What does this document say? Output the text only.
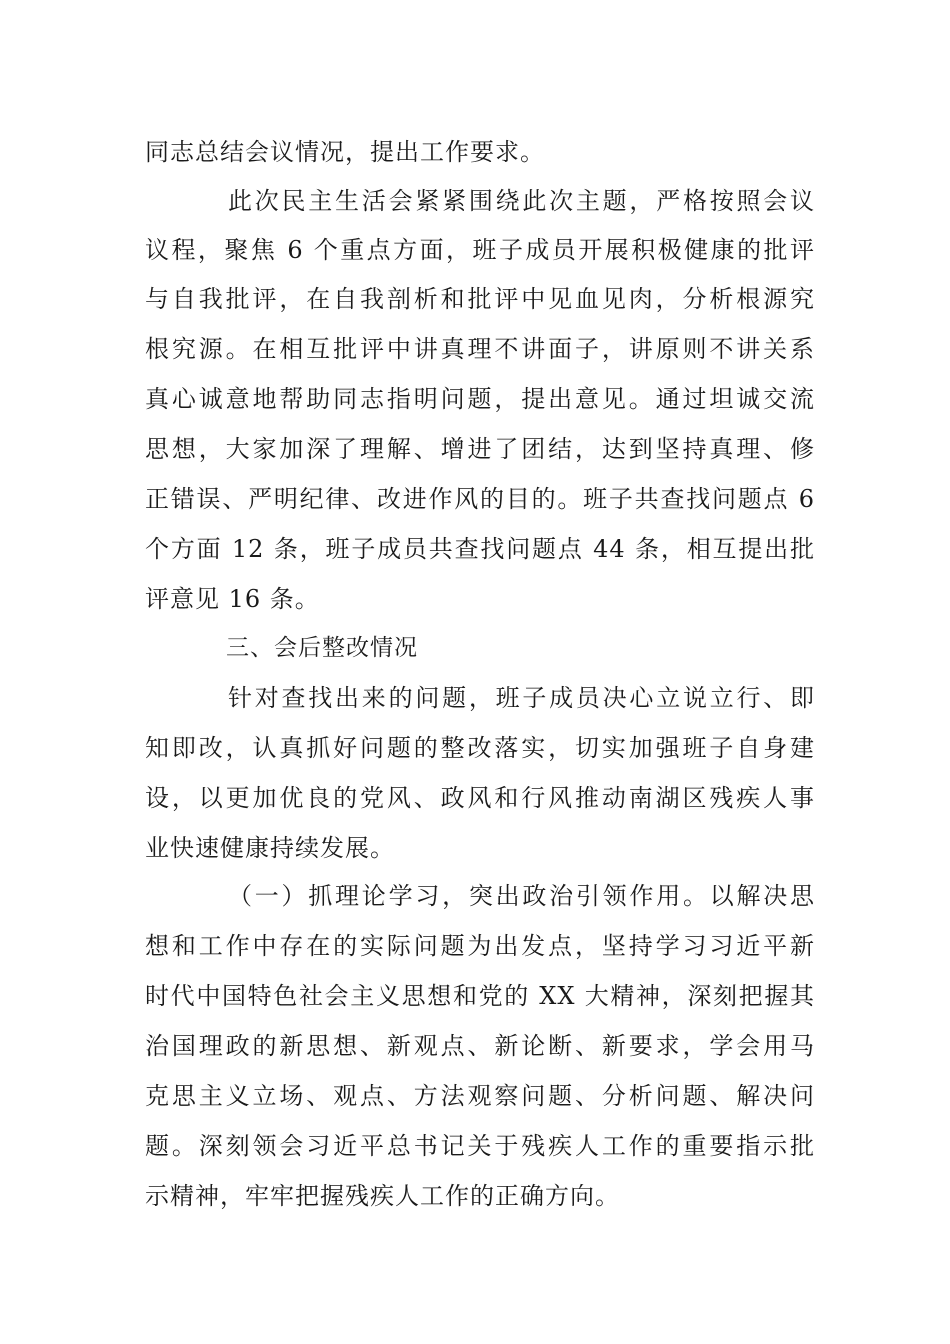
同志总结会议情况，提出工作要求。
此次民主生活会紧紧围绕此次主题，严格按照会议
议程，聚焦 6 个重点方面，班子成员开展积极健康的批评
与自我批评，在自我剖析和批评中见血见肉，分析根源究
根究源。在相互批评中讲真理不讲面子，讲原则不讲关系
真心诚意地帮助同志指明问题，提出意见。通过坦诚交流
思想，大家加深了理解、增进了团结，达到坚持真理、修
正错误、严明纪律、改进作风的目的。班子共查找问题点 6
个方面 12 条，班子成员共查找问题点 44 条，相互提出批
评意见 16 条。
三、会后整改情况
针对查找出来的问题，班子成员决心立说立行、即
知即改，认真抓好问题的整改落实，切实加强班子自身建
设，以更加优良的党风、政风和行风推动南湖区残疾人事
业快速健康持续发展。
（一）抓理论学习，突出政治引领作用。以解决思
想和工作中存在的实际问题为出发点，坚持学习习近平新
时代中国特色社会主义思想和党的 XX 大精神，深刻把握其
治国理政的新思想、新观点、新论断、新要求，学会用马
克思主义立场、观点、方法观察问题、分析问题、解决问
题。深刻领会习近平总书记关于残疾人工作的重要指示批
示精神，牢牢把握残疾人工作的正确方向。
